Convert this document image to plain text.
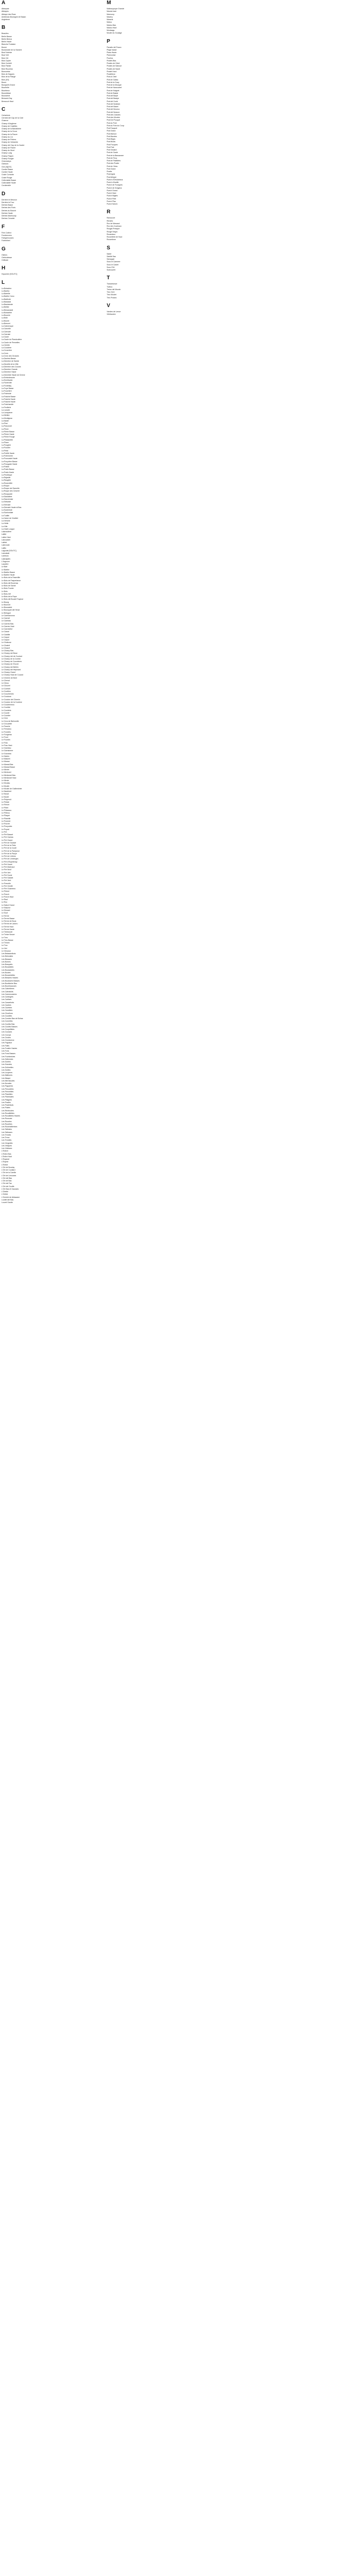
A
Abbeyste
Abbayes
Abbaye des Rose
Ambleuse-Boulogne de Basan
Angleterre
B
Beaulieu
Berlin Basse
Berlin Beeca
Berlin Haute
Blanche Fontaine
Bonne
Boulancide de la Vianche
Bout Nobrive
Bout Vert
Bois Côt
Bois Copler
Bois Cockelt
Bois Flanke
Bois Rouzeau
Bonnoetse
Bois de Hagues
Bois de la Plangé
Bois [XX]
Bours
Bourgnell-Grand
Bourbelle
Bourbieux
Bousidesse
Boussinne
Bressed-Gay
Bresnoch Haut
C
Cerisebois
Cernest del Cap de la Cote
Chamon
Champ d'Angleme
Champ de Castilles
Champ de la Barrablerie
Champ de la Croux
Champ de la Pauve
Champ du Lin
Champ de Prières
Champ de Vrelambe
Champ del Cap de la Cautre
Champ de Flanet
Champ du Mont
Champ Lodg
Champ Paspin
Champ Rouger
Chenesteys
Claissos
Clos [X][XX]
Combe Basse
Combe Haute
Coste Corrante
Coste Rouge
Collectable Basse
Collectable Haute
Cordemelie
D
Derrière le Mesnon
Derrière le Four
Derbes Basse
Derbes des Ports
Derbes du Bourch
Derbes Haute
Derbes Manhoudy
Derbes Cercelet
F
Fem Collect
Fondrenvers
Fotegrenouses
Fortentinel
G
Gisfors
Grèboutesse
Grifloste
H
Hopomier [SOUTC]
L
La Boissière
La Banfra
La Bareille
La Barthe Cano
La Barthote
La Bassidal
La Baudarraie
La Bellée
La Bessanade
La Boisselée
La Bouerie
La Bôle
La Bourie
La Bresvet
La Calmenque
La Carcelle
La Canvaie
La Carnaie
La Caule
La Caule du Plandoulière
La Caule de Penselles
La Cérelle
La Coudière
La Crosvière
La Croix
La Croix des Grosses
La Dachéa Basse
La Deméne de Sainte
La Dezelle de la Ville
La Deméne des Couses
La Deméne Grande
La Deméne Haute
La Demédie Haute de Dreme
La Embedeaurie
La Ermilloutte
La Faverotte
La Fontellay
La Foye Basse
La Fouchère
La Fraimote
La Fraiche Basse
La Fraiche Haute
La Fraiche Haute
La Fraichandie
La Feullerie
La Lancée
La Lanquinee
La Mettee
La Montignac
La Naste
La Pisé
La Panonnet
La Pieve
La Pierre Basse
La Pierre Haute
La Pierre Rouge
La Plaisanetie
La Plane
La Pougère
La Poudier
La Petal
La Poëllé Haute
La Poëmnerie
La Pouscade Haute
La Pouyrière Basse
La Prougade Haute
La Pratiie
La Praiie Basse
La Praiie Haute
La Peulleque
La Rajaslie
La Raugtée
La Roseclelle
La Roque
La Roque del Sarnelle
La Roque des Ceserel
La Rouquade
La Saudaline
La Sauveroise
La Sebarde
La Serrade
La Serrade Haute al Bas
La Sudereste
La Suelondale
La Tuaille
La Varne de Vineillet
La Versine
La Vielle
La Ville
La Vialé Longue
Lalanoulière
Lalliet
Lalies Haut
Lalouvadel
Lalirist
Laleronde
Lalillo
Lagoutie [SOUTC]
Lamolade
Lantrous
Lalanaptes
L'Argouve
Lauzière
Le Bart
Le Barthe
Le Barthe Basse
Le Barthe Haute
Le Bois de la Pasevillie
Le Bois de Pasperlanue
Le Bois del Bourmac
Le Bois de Sanne
Le Bois Fourier
Le Bois
Le Bois-Vef
Le Bois de la Rope
Le Bois del Boude Frayeue
Le Bourg
Le Bourvet
Le Bousselet
Le Bousquet del Herat
Le Bresgue
Le Cambanonus
Le Carmel
Le Cambas
Le Carnes Bas
Le Carnes Haut
Le Carnesfiot
Le Cassé
Le Castille
Le Cayrol
Le Cayror
Le Chabuse
Le Chabrit
Le Chauré
Le Champ Bas
Le Champ del Bose
Le Champ del de Coulard
Le Champ de la Combe
Le Champ de Cournières
Le Champ de l'Ouvet
Le Champ del Bethin
Le Champ del Hèpinard
Le Champ Grand
Le Champ Haut de Couard
Le Chemin de Bore
Le Cheval
Le Cleus
Le Clouzel
Le Combel
Le Coutlieu
Le Couchemes
Le Couduse
Le Coudun del Chemin
Le Coudun de la Coutese
Le Coudermeus
Le Couillat
Le Couidels
Le Courté
Le Courtier
Le Crisi
Le Cros de Berlovelle
Le Crouzette
Le Fauche
Le Ferradou
Le Fondrés
Le Fougerau
Le Fouri
Le Fourdin
Le Frau
Le Frau Haut
Le Gardeau
Le Garrismere
Le Gouveau
Le Haries
Le Maluret
Le Marsar
Le Marsal Bas
Le Marsal Basse
Le Meriré
Le Mertonel
Le Merlanvel Bas
Le Merlanvel Haut
Le Meule
Le Moulau
Le Moulin
Le Moulin de Guilleminée
Le Nautrinet
Le Noual
Le Nouté
Le Peiperuit
Le Pelate
Le Pervet
Le Pibet
Le Pidassou
Le Pilbrou
Le Plaqué
Le Planelle
Le Poneret
Le Pouvre
Le Pouyudes
Le Poyral
Le Pré
Le Pré Basset
Le Pré Garrias
Le Pré Grand
Le Pré de Gaussé
Le Pré de la Fiets
Le Pré de la Coulé
Le Pré de la Parepeue
Le Pré de la Pauye
Le Pré de Lirières
Le Pré de Limberges
Le Pré d'Espetenay
Le Pré Hauet
Le Pré Martraud
Le Pré Neuf
Le Pré Vert
Le Pré Sumé
Le Pré Sabdet
Le Pré Vent
Le Prenelle
Le Pré Gentitl
Le Pré Giusmeus
Le Pérmé
Le Puech
Le Puech Haut
Le Raul
Le Roc
Le Sabot Grand
Le Sarpour
Le Sinusel
Le Souf
Le Terme
Le Terme Basse
Le Terme de Bous
Le Terme de Latorru
Le Terme Haut
Le Terme Haute
Le Tienboude
Le Treize Neuve
Le Treu
Le Treu Basse
Le Treuez
Le Truc
Le Viel
Le Vescoux
Les Belassedbois
Les Belunates
Les Bessses
Les Bornes
Les Bosquets
Les Boualottes
Les Boussdoles
Les Boutes
Les Bouaretelles
Les Bessees Hautes
Les Boustures Basses
Les Boutloiche Bas
Les Bourrissouses
Les Cabrelleres
Les Cabratuits
Les Cammouseres
Les Cantegrès
Les Carlises
Les Cassefonts
Les Caubes
Les Cazeses
Les Cazaibes
Les Choefous
Les Coudiles
Les Condes Bas de Bohas
Les Cornelles
Les Couiles Bas
Les Couiles Basses
Les Coupellides
Les Cousses
Les Couvys
Les Crudes
Les Croutaceux
Les Fagnaux
Les Fales
Les Fouleie Hautes
Les Fons
Les Fons Basses
Les Fourtandues
Les Gallonnes
Les Guirles
Les Grandes
Les Gulimelles
Les Guilles
Les Louyeres
Les Malbores
Les Maque
Les Mernissoles
Les Novales
Les Paguches
Les Perouteles
Les Peronelles
Les Planettes
Les Plantrades
Les Plaignes
Les Pradés
Les Pradelsuts
Les Pratés
Les Rentroutes
Les Rocaillettes
Les Rocailletes Hautes
Les Rousues
Les Roueles
Les Rouebes
Les Rouesbillerises
Les Tallesies
Les Tallesses
Les Treutes
Les Treus
Les Treutets
Les Vergedés
Les Viniques
Les Viulisses
L'Esfont
L'Esfon Bas
L'Esfon Haut
L'Esparat
L'Esprat
L'Estrat
L'Ort de Bourlay
L'Ort de Coutlard
L'Ort de la Carelle
L'Ort de Limouses
L'Ort del Bas
L'Ort de Bas
L'Ort del Faz
L'Ort del Gouffe
L'Ort Bas et Gausses
L'Ortelle
L'Orfeld
L'Orchéd de Ablawane
Louttel del Bas
Louvel Gautte
M
Malbouyoupe Grande
Manda haut
Marrouny
Mazery
Maracis
Matou
Madou Bas
Madou Haut
Montasgu
Moulin du Goulage
P
Paradis del Faoun
Plage basse
Plasa Haute
Plannonise
Pourtou
Prades Bas
Prades de Cibet
Prades de Saboue
Prades de Saule
Pradet Haut
Pradelieux
Prat al Chiel
Prat de Gallou
Prat de la Coup
Prat de la Mouque
Prat de Nanouveel
Prat de Noiguet
Prat de Bastai
Prat del Bayle
Prat del Bastye
Prat del Curté
Prat del Nostiam
Prat del Mazel
Prat del Mourou
Prat del Nosson
Prat des Cassies
Prat des Moutes
Prat Del Pouqué
Prat du Pont
Prat du Pont du Coup
Prat Fauquet
Prat Grand
Prat Marson
Prat Mazdes
Prat Migas
Prat Miolla
Prat Pouques
Prat Pezt
Prat Seulard
Prat de Gaule
Prat de la Bassarane
Prat de Feuy
Prat de Palattées
Prat des Pradiz
Prat de Cless
Prat Grand
Prarite
Prarreguis
Prarrtetrgue
Puech d'Ortolaiesos
Puech d'Auelle
Puech de Fourgues
Puech de Grageus
Puech Grand
Puech Haut
Puech Migets
Puech Petit
Puech Plaz
Puech Noloin
R
Ramouvet
Rendes
Roc de Mescaut
Roc des Couleaux
Rougal Presque
Rouge Negro
Roussleau
Rouvellete de Haut
Rouvelinne
S
Sabié
Sabilié Bas
Sarsugae
Sous le Carmere
Sous le Castel
Sous l'Ort
Suleouzett
T
Trassebonue
Trafloù
Treize del Monde
Treu Gert
Treu Moulet
Treu Prados
V
Vandes de Lenue
Vilefranche
